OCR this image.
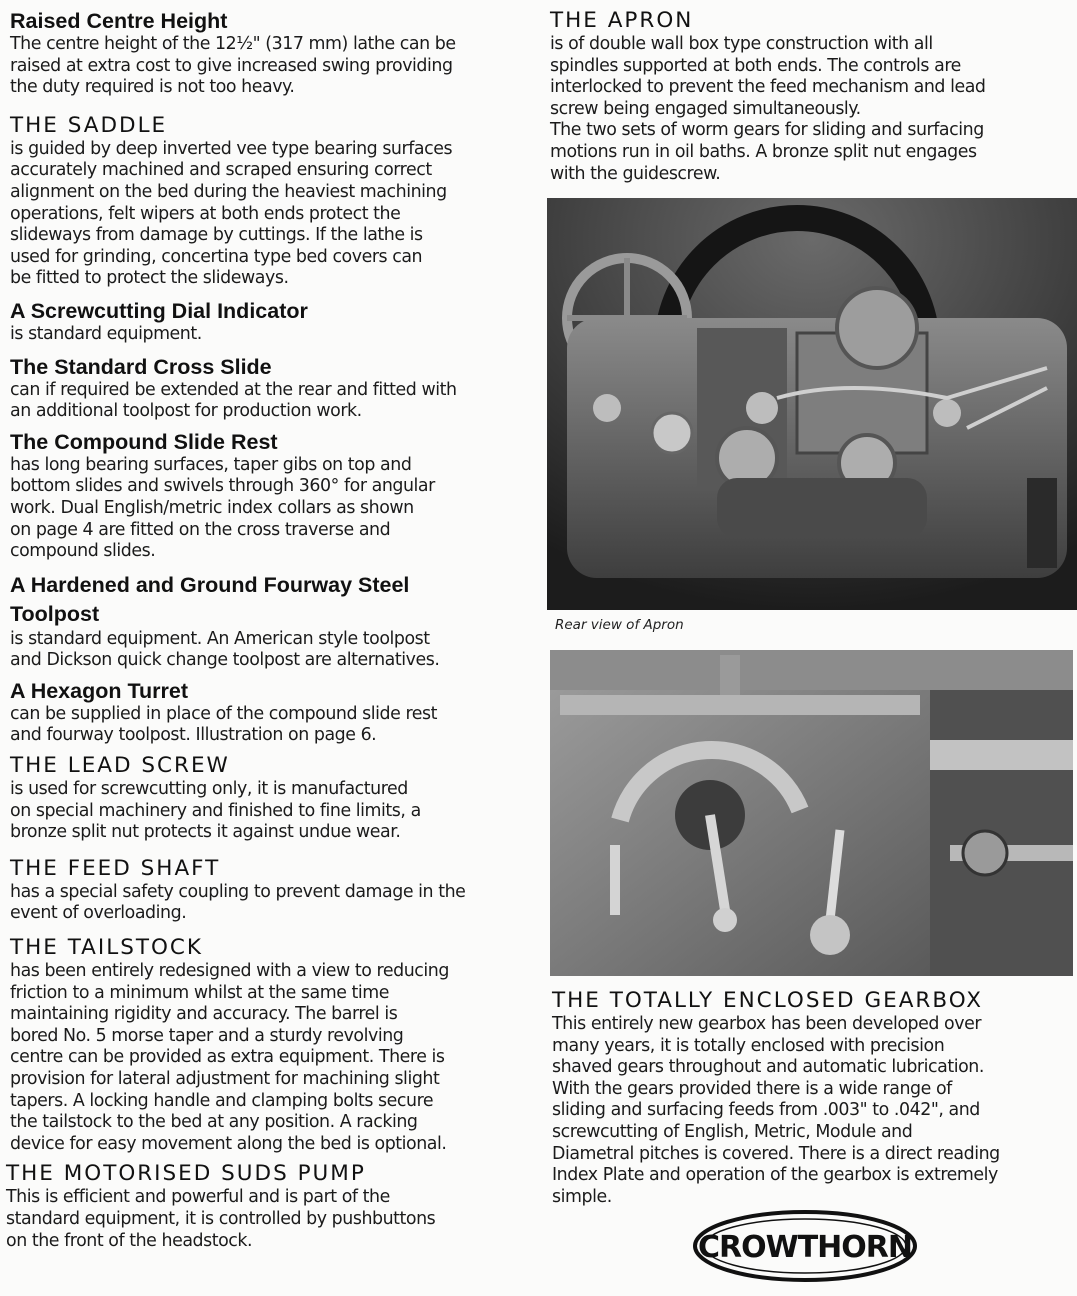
Raised Centre Height

The centre height of the 12½" (317 mm) lathe can be
raised at extra cost to give increased swing providing
the duty required is not too heavy.

THE SADDLE

is guided by deep inverted vee type bearing surfaces
accurately machined and scraped ensuring correct
alignment on the bed during the heaviest machining
operations, felt wipers at both ends protect the
slideways from damage by cuttings. If the lathe is
used for grinding, concertina type bed covers can
be fitted to protect the slideways.

A Screwcutting Dial Indicator

is standard equipment.

The Standard Cross Slide

can if required be extended at the rear and fitted with
an additional toolpost for production work.

The Compound Slide Rest

has long bearing surfaces, taper gibs on top and
bottom slides and swivels through 360° for angular
work. Dual English/metric index collars as shown
on page 4 are fitted on the cross traverse and
compound slides.

A Hardened and Ground Fourway Steel
Toolpost

is standard equipment. An American style toolpost
and Dickson quick change toolpost are alternatives.

A Hexagon Turret

can be supplied in place of the compound slide rest
and fourway toolpost. Illustration on page 6.

THE LEAD SCREW

is used for screwcutting only, it is manufactured
on special machinery and finished to fine limits, a
bronze split nut protects it against undue wear.

THE FEED SHAFT

has a special safety coupling to prevent damage in the
event of overloading.

THE TAILSTOCK

has been entirely redesigned with a view to reducing
friction to a minimum whilst at the same time
maintaining rigidity and accuracy. The barrel is
bored No. 5 morse taper and a sturdy revolving
centre can be provided as extra equipment. There is
provision for lateral adjustment for machining slight
tapers. A locking handle and clamping bolts secure
the tailstock to the bed at any position. A racking
device for easy movement along the bed is optional.

THE MOTORISED SUDS PUMP

This is efficient and powerful and is part of the
standard equipment, it is controlled by pushbuttons
on the front of the headstock.

THE APRON

is of double wall box type construction with all
spindles supported at both ends. The controls are
interlocked to prevent the feed mechanism and lead
screw being engaged simultaneously.
The two sets of worm gears for sliding and surfacing
motions run in oil baths. A bronze split nut engages
with the guidescrew.

Rear view of Apron
THE TOTALLY ENCLOSED GEARBOX

This entirely new gearbox has been developed over
many years, it is totally enclosed with precision
shaved gears throughout and automatic lubrication.
With the gears provided there is a wide range of
sliding and surfacing feeds from .003" to .042", and
screwcutting of English, Metric, Module and
Diametral pitches is covered. There is a direct reading
Index Plate and operation of the gearbox is extremely
simple.

CROWTHORN
